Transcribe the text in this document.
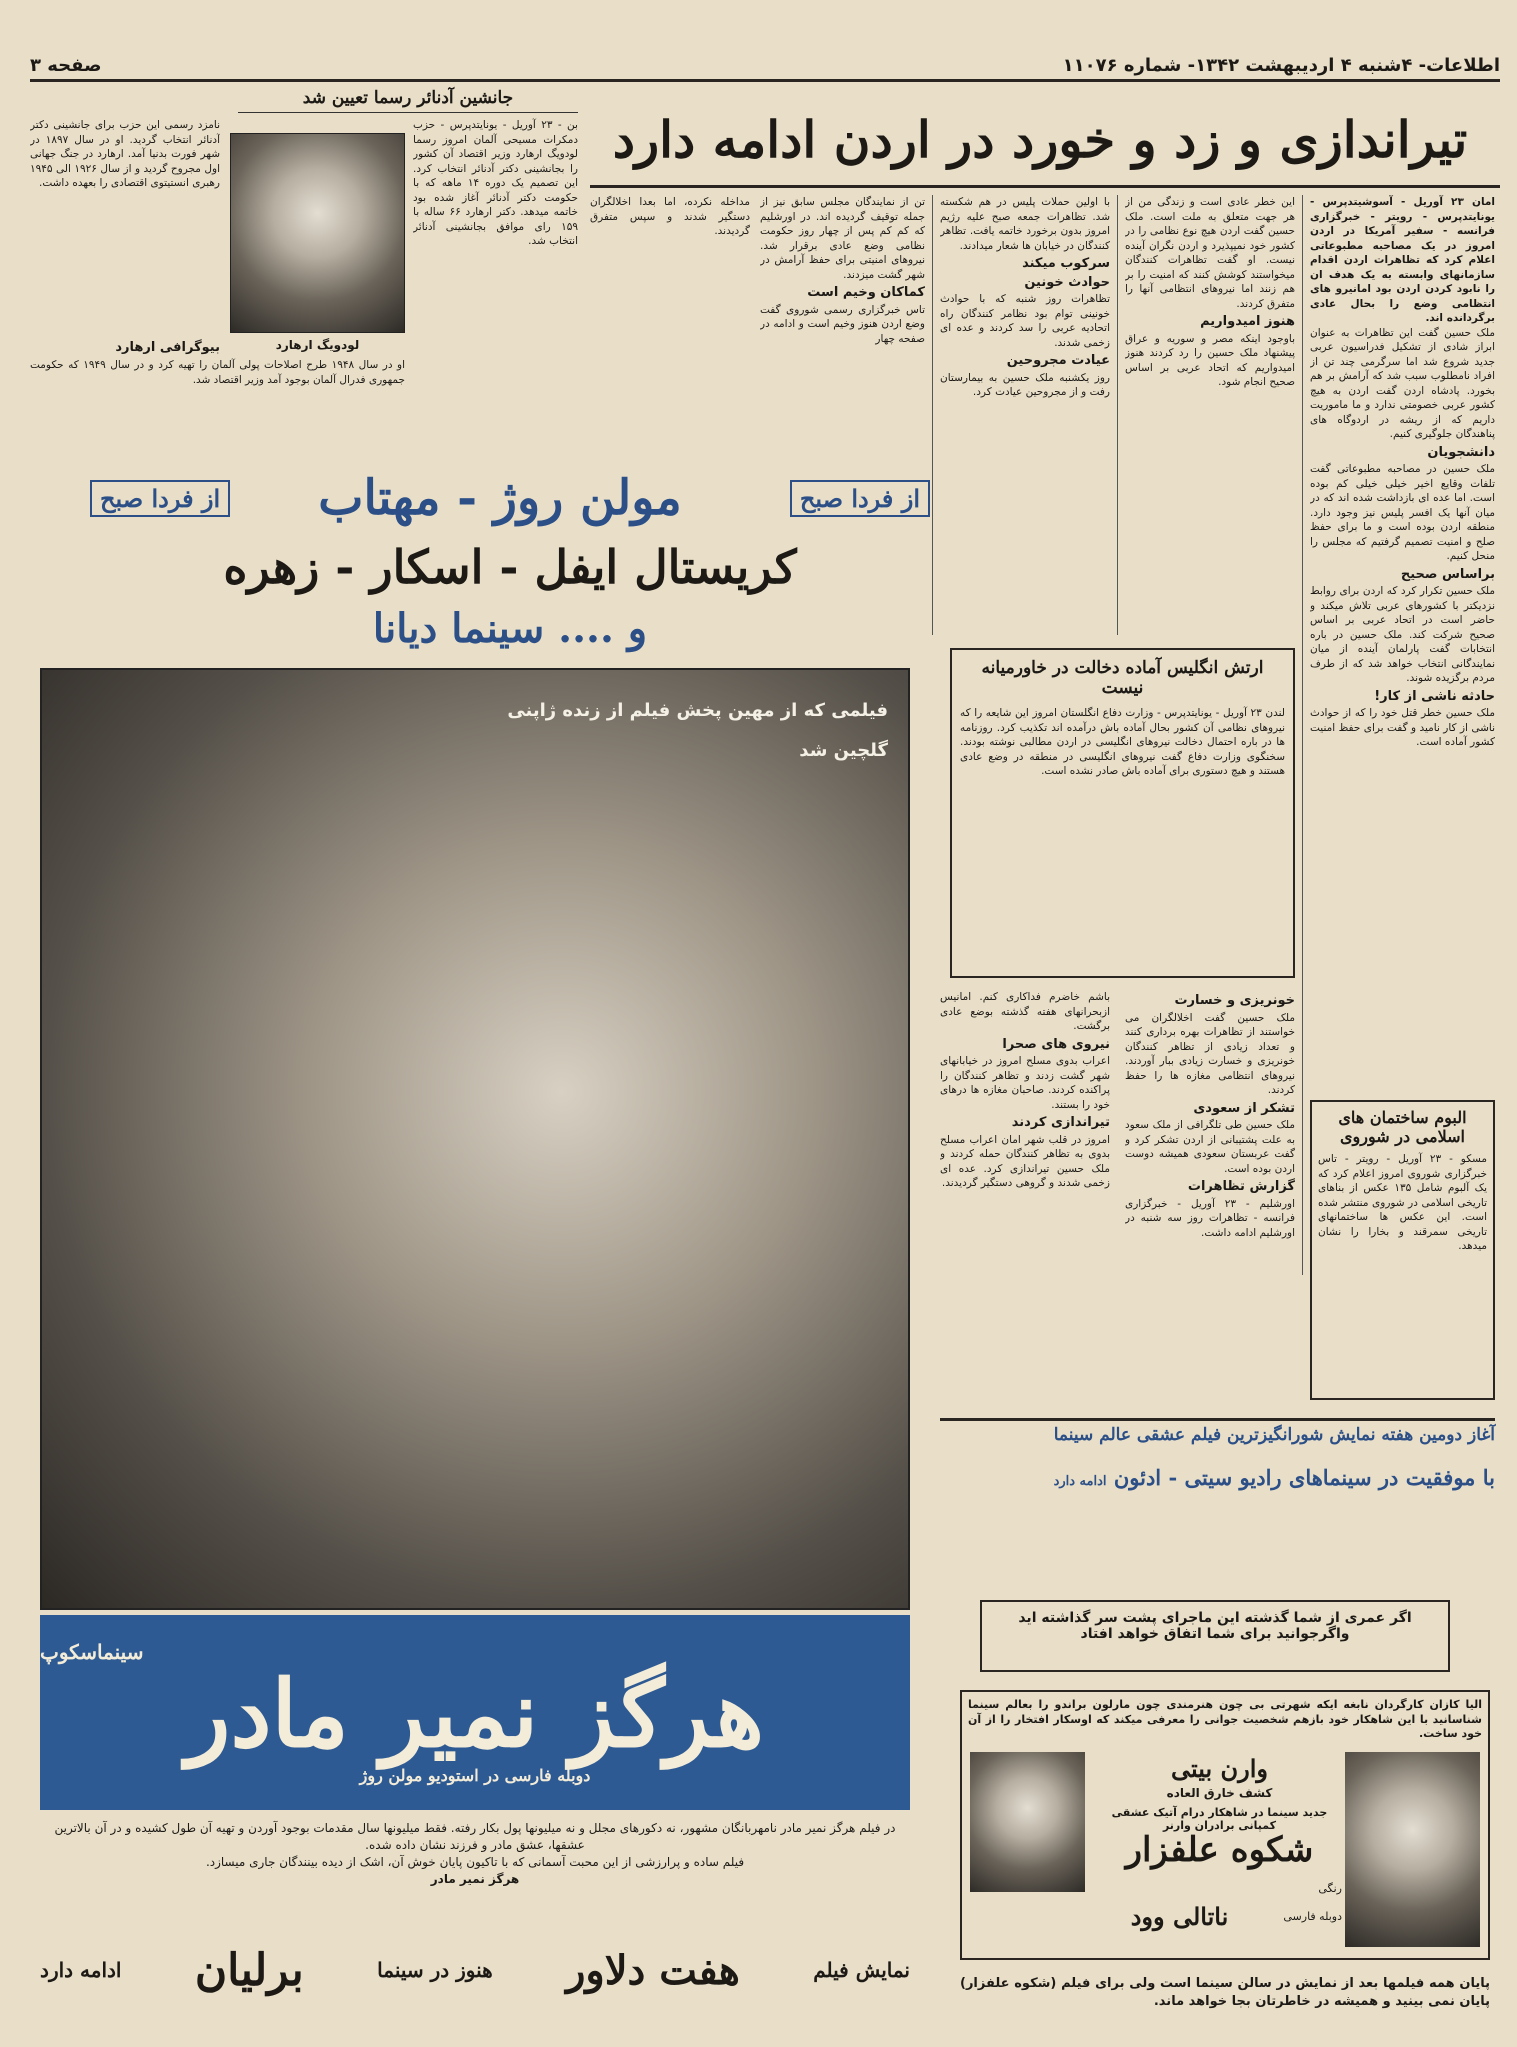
اطلاعات- ۴شنبه ۴ اردیبهشت ۱۳۴۲- شماره ۱۱۰۷۶
صفحه ۳
تیراندازی و زد و خورد در اردن ادامه دارد
جانشین آدنائر رسما تعیین شد
بن - ۲۳ آوریل - یونایتدپرس - حزب دمکرات مسیحی آلمان امروز رسما لودویگ ارهارد وزیر اقتصاد آن کشور را بجانشینی دکتر آدنائر انتخاب کرد. این تصمیم یک دوره ۱۴ ماهه که با حکومت دکتر آدنائر آغاز شده بود خاتمه میدهد. دکتر ارهارد ۶۶ ساله با ۱۵۹ رای موافق بجانشینی آدنائر انتخاب شد.
نامزد رسمی این حزب برای جانشینی دکتر آدنائر انتخاب گردید. او در سال ۱۸۹۷ در شهر فورت بدنیا آمد. ارهارد در جنگ جهانی اول مجروح گردید و از سال ۱۹۲۶ الی ۱۹۴۵ رهبری انستیتوی اقتصادی را بعهده داشت.
لودویگ ارهارد
بیوگرافی ارهارد
او در سال ۱۹۴۸ طرح اصلاحات پولی آلمان را تهیه کرد و در سال ۱۹۴۹ که حکومت جمهوری فدرال آلمان بوجود آمد وزیر اقتصاد شد.
امان ۲۳ آوریل - آسوشیتدپرس - یونایتدپرس - رویتر - خبرگزاری فرانسه - سفیر آمریکا در اردن امروز در یک مصاحبه مطبوعاتی اعلام کرد که تظاهرات اردن اقدام سازمانهای وابسته به یک هدف ان را نابود کردن اردن بود امانیرو های انتظامی وضع را بحال عادی برگردانده اند.
ملک حسین گفت این تظاهرات به عنوان ابراز شادی از تشکیل فدراسیون عربی جدید شروع شد اما سرگرمی چند تن از افراد نامطلوب سبب شد که آرامش بر هم بخورد. پادشاه اردن گفت اردن به هیچ کشور عربی خصومتی ندارد و ما ماموریت داریم که از ریشه در اردوگاه های پناهندگان جلوگیری کنیم.
دانشجویان
ملک حسین در مصاحبه مطبوعاتی گفت تلفات وقایع اخیر خیلی خیلی کم بوده است. اما عده ای بازداشت شده اند که در میان آنها یک افسر پلیس نیز وجود دارد. منطقه اردن بوده است و ما برای حفظ صلح و امنیت تصمیم گرفتیم که مجلس را منحل کنیم.
براساس صحیح
ملک حسین تکرار کرد که اردن برای روابط نزدیکتر با کشورهای عربی تلاش میکند و حاضر است در اتحاد عربی بر اساس صحیح شرکت کند. ملک حسین در باره انتخابات گفت پارلمان آینده از میان نمایندگانی انتخاب خواهد شد که از طرف مردم برگزیده شوند.
حادثه ناشی از کار!
ملک حسین خطر قتل خود را که از حوادث ناشی از کار نامید و گفت برای حفظ امنیت کشور آماده است.
این خطر عادی است و زندگی من از هر جهت متعلق به ملت است. ملک حسین گفت اردن هیچ نوع نظامی را در کشور خود نمیپذیرد و اردن نگران آینده نیست. او گفت تظاهرات کنندگان میخواستند کوشش کنند که امنیت را بر هم زنند اما نیروهای انتظامی آنها را متفرق کردند.
هنوز امیدواریم
باوجود اینکه مصر و سوریه و عراق پیشنهاد ملک حسین را رد کردند هنوز امیدواریم که اتحاد عربی بر اساس صحیح انجام شود.
با اولین حملات پلیس در هم شکسته شد. تظاهرات جمعه صبح علیه رژیم امروز بدون برخورد خاتمه یافت. تظاهر کنندگان در خیابان ها شعار میدادند.
سرکوب میکند
حوادث خونین
تظاهرات روز شنبه که با حوادث خونینی توام بود نظامر کنندگان راه اتحادیه عربی را سد کردند و عده ای زخمی شدند.
عیادت مجروحین
روز یکشنبه ملک حسین به بیمارستان رفت و از مجروحین عیادت کرد.
تن از نمایندگان مجلس سابق نیز از جمله توقیف گردیده اند. در اورشلیم که کم کم پس از چهار روز حکومت نظامی وضع عادی برقرار شد. نیروهای امنیتی برای حفظ آرامش در شهر گشت میزدند.
کماکان وخیم است
تاس خبرگزاری رسمی شوروی گفت وضع اردن هنوز وخیم است و ادامه در صفحه چهار
مداخله نکرده، اما بعدا اخلالگران دستگیر شدند و سپس متفرق گردیدند.
ارتش انگلیس آماده دخالت در خاورمیانه نیست
لندن ۲۳ آوریل - یونایتدپرس - وزارت دفاع انگلستان امروز این شایعه را که نیروهای نظامی آن کشور بحال آماده باش درآمده اند تکذیب کرد. روزنامه ها در باره احتمال دخالت نیروهای انگلیسی در اردن مطالبی نوشته بودند. سخنگوی وزارت دفاع گفت نیروهای انگلیسی در منطقه در وضع عادی هستند و هیچ دستوری برای آماده باش صادر نشده است.
خونریزی و خسارت
ملک حسین گفت اخلالگران می خواستند از تظاهرات بهره برداری کنند و تعداد زیادی از تظاهر کنندگان خونریزی و خسارت زیادی ببار آوردند. نیروهای انتظامی مغازه ها را حفظ کردند.
تشکر از سعودی
ملک حسین طی تلگرافی از ملک سعود به علت پشتیبانی از اردن تشکر کرد و گفت عربستان سعودی همیشه دوست اردن بوده است.
گزارش تظاهرات
اورشلیم - ۲۳ آوریل - خبرگزاری فرانسه - تظاهرات روز سه شنبه در اورشلیم ادامه داشت.
باشم خاضرم فداکاری کنم. امانیس ازبحرانهای هفته گذشته بوضع عادی برگشت.
نیروی های صحرا
اعراب بدوی مسلح امروز در خیابانهای شهر گشت زدند و تظاهر کنندگان را پراکنده کردند. صاحبان مغازه ها درهای خود را بستند.
تیراندازی کردند
امروز در قلب شهر امان اعراب مسلح بدوی به تظاهر کنندگان حمله کردند و ملک حسین تیراندازی کرد. عده ای زخمی شدند و گروهی دستگیر گردیدند.
البوم ساختمان های اسلامی در شوروی
مسکو - ۲۳ آوریل - رویتر - تاس خبرگزاری شوروی امروز اعلام کرد که یک آلبوم شامل ۱۳۵ عکس از بناهای تاریخی اسلامی در شوروی منتشر شده است. این عکس ها ساختمانهای تاریخی سمرقند و بخارا را نشان میدهد.
از فردا صبح
مولن روژ - مهتاب
از فردا صبح
کریستال ایفل - اسکار - زهره
و .... سینما دیانا
فیلمی که از مهین پخش فیلم از زنده ژاپنی
گلچین شد
سینماسکوپ
هرگز نمیر مادر
دوبله فارسی در استودیو مولن روژ
در فیلم هرگز نمیر مادر نامهربانگان مشهور، نه دکورهای مجلل و نه میلیونها پول بکار رفته. فقط میلیونها سال مقدمات بوجود آوردن و تهیه آن طول کشیده و در آن بالاترین عشقها، عشق مادر و فرزند نشان داده شده.
فیلم ساده و پرارزشی از این محبت آسمانی که با تاکیون پایان خوش آن، اشک از دیده بینندگان جاری میسازد.
هرگز نمیر مادر
نمایش فیلم
هفت دلاور
هنوز در سینما
برلیان
ادامه دارد
آغاز دومین هفته نمایش شورانگیزترین فیلم عشقی عالم سینما
با موفقیت در سینماهای رادیو سیتی - ادئون ادامه دارد
اگر عمری از شما گذشته این ماجرای پشت سر گذاشته اید
واگرجوانید برای شما اتفاق خواهد افتاد
الیا کازان کارگردان نابغه ایکه شهرتی بی چون هنرمندی چون مارلون براندو را بعالم سینما شناسانید با این شاهکار خود بازهم شخصیت جوانی را معرفی میکند که اوسکار افتخار را از آن خود ساخت.
وارن بیتی
کشف خارق العاده
جدید سینما در شاهکار درام آتیک عشقی کمپانی برادران وارنر
شکوه علفزار
رنگی
دوبله فارسی
ناتالی وود
پایان همه فیلمها بعد از نمایش در سالن سینما است ولی برای فیلم (شکوه علفزار) پایان نمی بینید و همیشه در خاطرتان بجا خواهد ماند.
